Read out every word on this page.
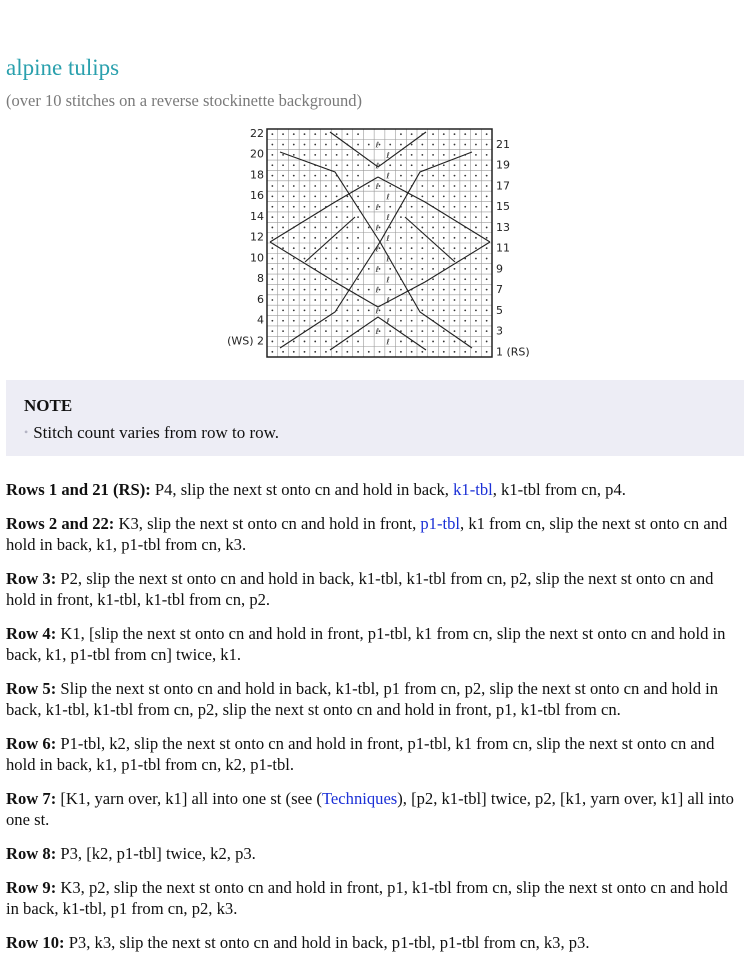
alpine tulips
(over 10 stitches on a reverse stockinette background)
ℓ
ℓ
ℓ
ℓ
ℓ
ℓ
ℓ
ℓ
ℓ
ℓ
ℓ
ℓ
ℓ
ℓ
ℓ
ℓ
ℓ
ℓ
ℓ
ℓ
22
20
18
16
14
12
10
8
6
4
(WS) 2
21
19
17
15
13
11
9
7
5
3
1 (RS)
NOTE
• Stitch count varies from row to row.

Rows 1 and 21 (RS): P4, slip the next st onto cn and hold in back, k1-tbl, k1-tbl from cn, p4.

Rows 2 and 22: K3, slip the next st onto cn and hold in front, p1-tbl, k1 from cn, slip the next st onto cn and hold in back, k1, p1-tbl from cn, k3.

Row 3: P2, slip the next st onto cn and hold in back, k1-tbl, k1-tbl from cn, p2, slip the next st onto cn and hold in front, k1-tbl, k1-tbl from cn, p2.

Row 4: K1, [slip the next st onto cn and hold in front, p1-tbl, k1 from cn, slip the next st onto cn and hold in back, k1, p1-tbl from cn] twice, k1.

Row 5: Slip the next st onto cn and hold in back, k1-tbl, p1 from cn, p2, slip the next st onto cn and hold in back, k1-tbl, k1-tbl from cn, p2, slip the next st onto cn and hold in front, p1, k1-tbl from cn.

Row 6: P1-tbl, k2, slip the next st onto cn and hold in front, p1-tbl, k1 from cn, slip the next st onto cn and hold in back, k1, p1-tbl from cn, k2, p1-tbl.

Row 7: [K1, yarn over, k1] all into one st (see (Techniques), [p2, k1-tbl] twice, p2, [k1, yarn over, k1] all into one st.

Row 8: P3, [k2, p1-tbl] twice, k2, p3.

Row 9: K3, p2, slip the next st onto cn and hold in front, p1, k1-tbl from cn, slip the next st onto cn and hold in back, k1-tbl, p1 from cn, p2, k3.

Row 10: P3, k3, slip the next st onto cn and hold in back, p1-tbl, p1-tbl from cn, k3, p3.
